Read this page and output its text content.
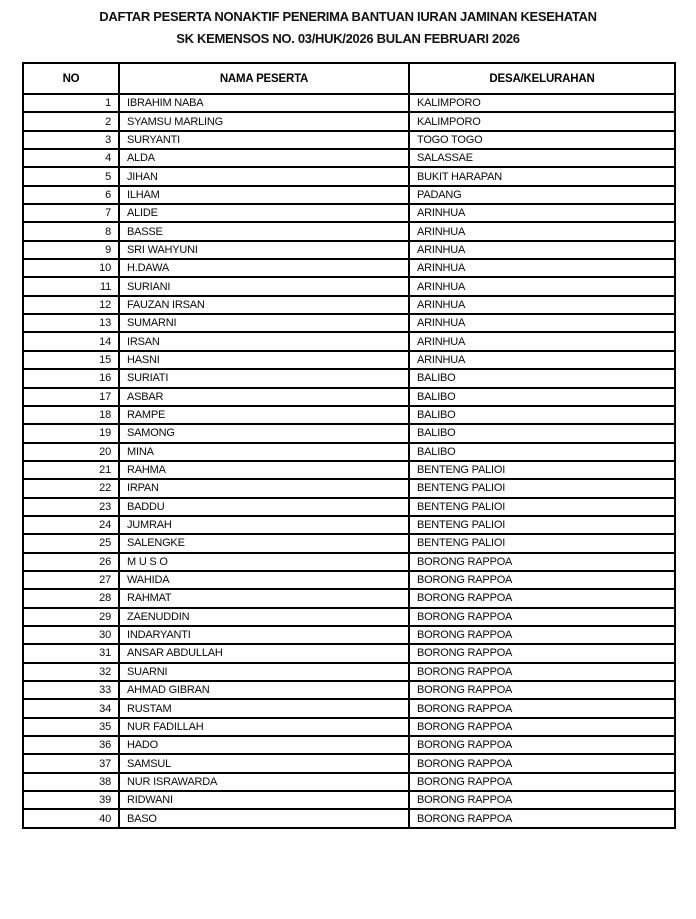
DAFTAR PESERTA NONAKTIF PENERIMA BANTUAN IURAN JAMINAN KESEHATAN
SK KEMENSOS NO. 03/HUK/2026 BULAN FEBRUARI 2026
NO	NAMA PESERTA	DESA/KELURAHAN
1	IBRAHIM NABA	KALIMPORO
2	SYAMSU MARLING	KALIMPORO
3	SURYANTI	TOGO TOGO
4	ALDA	SALASSAE
5	JIHAN	BUKIT HARAPAN
6	ILHAM	PADANG
7	ALIDE	ARINHUA
8	BASSE	ARINHUA
9	SRI WAHYUNI	ARINHUA
10	H.DAWA	ARINHUA
11	SURIANI	ARINHUA
12	FAUZAN IRSAN	ARINHUA
13	SUMARNI	ARINHUA
14	IRSAN	ARINHUA
15	HASNI	ARINHUA
16	SURIATI	BALIBO
17	ASBAR	BALIBO
18	RAMPE	BALIBO
19	SAMONG	BALIBO
20	MINA	BALIBO
21	RAHMA	BENTENG PALIOI
22	IRPAN	BENTENG PALIOI
23	BADDU	BENTENG PALIOI
24	JUMRAH	BENTENG PALIOI
25	SALENGKE	BENTENG PALIOI
26	M U S O	BORONG RAPPOA
27	WAHIDA	BORONG RAPPOA
28	RAHMAT	BORONG RAPPOA
29	ZAENUDDIN	BORONG RAPPOA
30	INDARYANTI	BORONG RAPPOA
31	ANSAR ABDULLAH	BORONG RAPPOA
32	SUARNI	BORONG RAPPOA
33	AHMAD GIBRAN	BORONG RAPPOA
34	RUSTAM	BORONG RAPPOA
35	NUR FADILLAH	BORONG RAPPOA
36	HADO	BORONG RAPPOA
37	SAMSUL	BORONG RAPPOA
38	NUR ISRAWARDA	BORONG RAPPOA
39	RIDWANI	BORONG RAPPOA
40	BASO	BORONG RAPPOA
